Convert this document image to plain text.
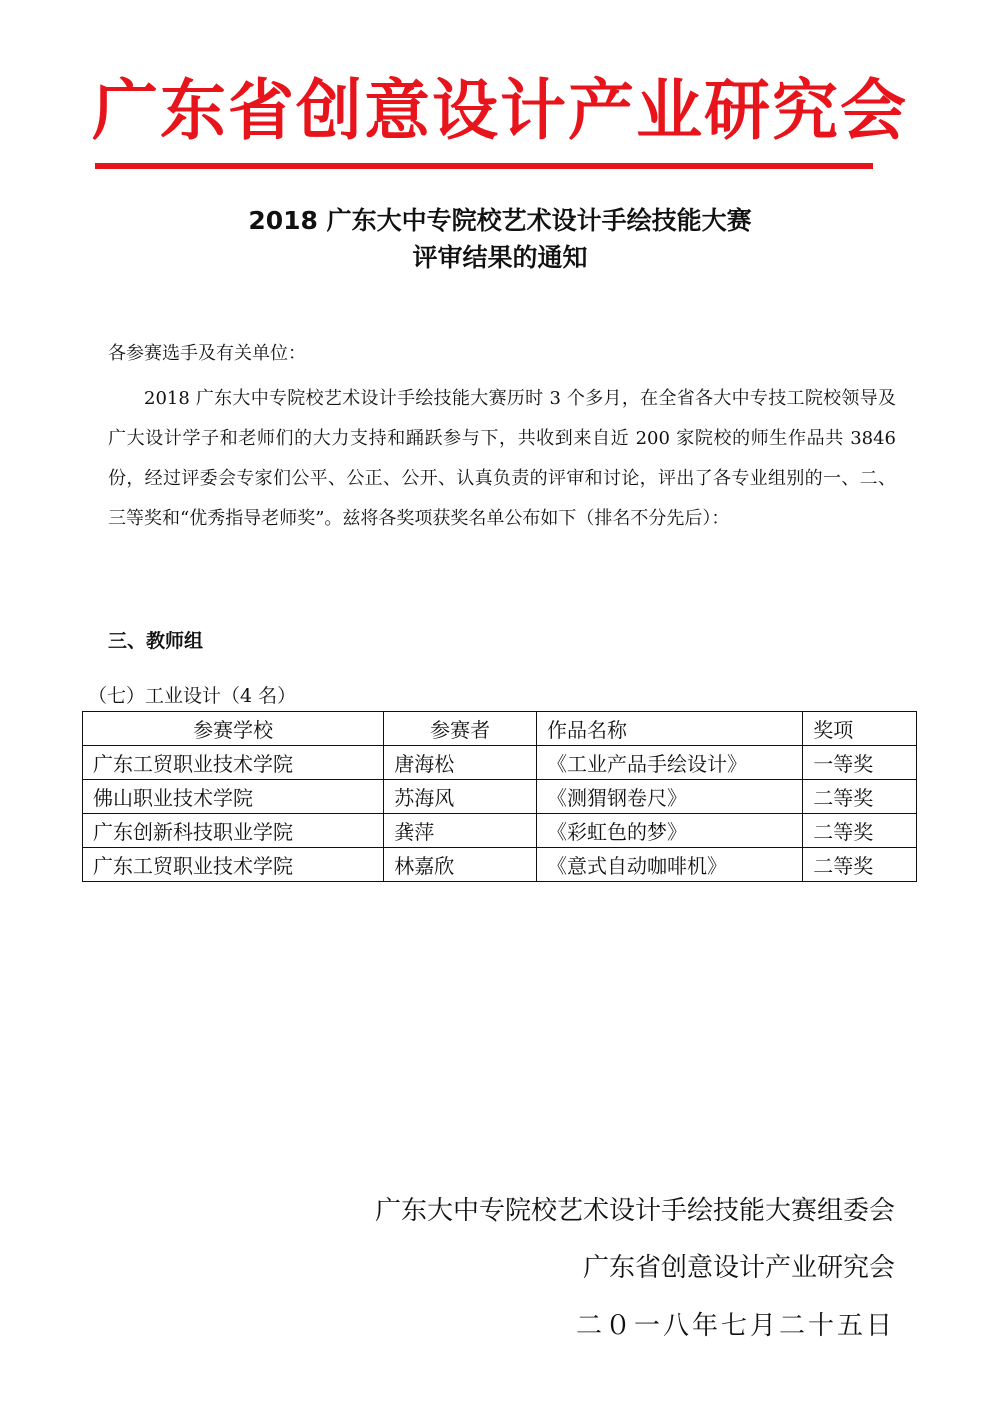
广东省创意设计产业研究会
2018 广东大中专院校艺术设计手绘技能大赛
评审结果的通知
各参赛选手及有关单位：

2018 广东大中专院校艺术设计手绘技能大赛历时 3 个多月，在全省各大中专技工院校领导及广大设计学子和老师们的大力支持和踊跃参与下，共收到来自近 200 家院校的师生作品共 3846 份，经过评委会专家们公平、公正、公开、认真负责的评审和讨论，评出了各专业组别的一、二、三等奖和“优秀指导老师奖”。兹将各奖项获奖名单公布如下（排名不分先后）：

三、教师组
（七）工业设计（4 名）
参赛学校	参赛者	作品名称	奖项
广东工贸职业技术学院	唐海松	《工业产品手绘设计》	一等奖
佛山职业技术学院	苏海风	《测猬钢卷尺》	二等奖
广东创新科技职业学院	龚萍	《彩虹色的梦》	二等奖
广东工贸职业技术学院	林嘉欣	《意式自动咖啡机》	二等奖
广东大中专院校艺术设计手绘技能大赛组委会
广东省创意设计产业研究会
二０一八年七月二十五日
